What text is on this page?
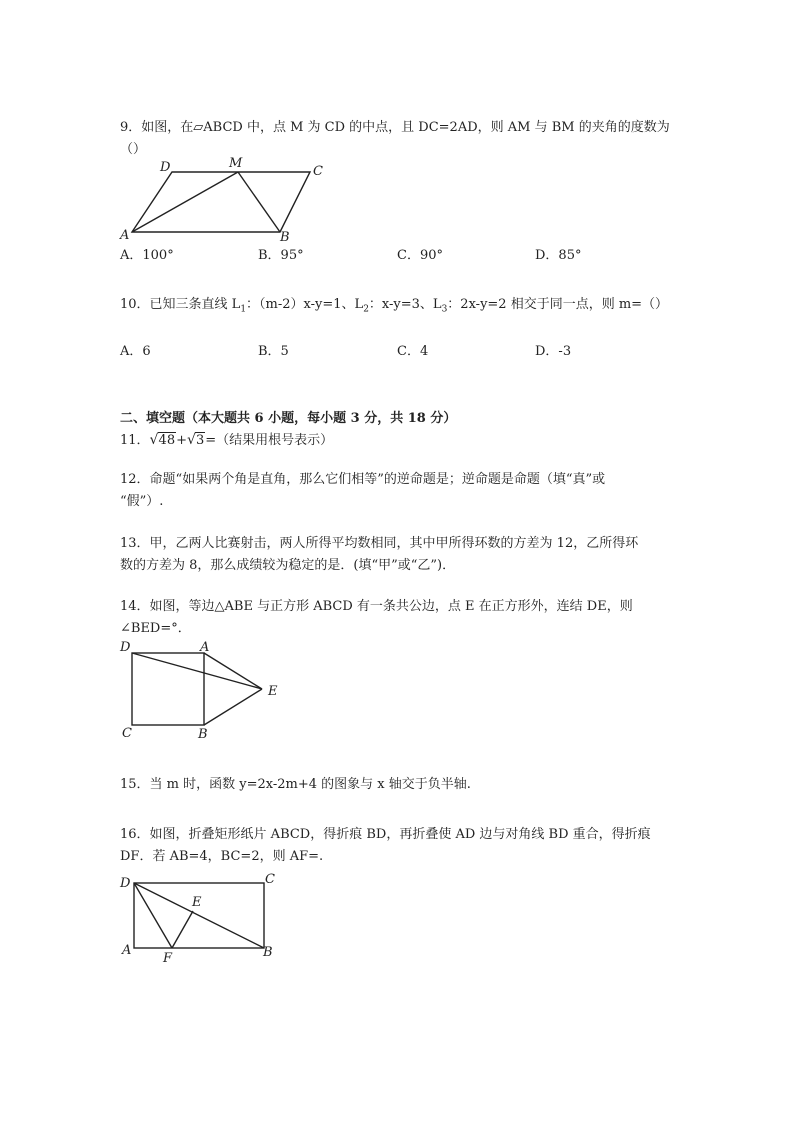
9．如图，在▱ABCD 中，点 M 为 CD 的中点，且 DC=2AD，则 AM 与 BM 的夹角的度数为
（）
D	M
C
A	B
A．100°	B．95°	C．90°	D．85°
10．已知三条直线 $L_1$：（m-2）x-y=1、$L_2$：x-y=3、$L_3$：2x-y=2 相交于同一点，则 m=（）
A．6	B．5	C．4	D．-3
二、填空题（本大题共 6 小题，每小题 3 分，共 18 分）
11． √ 48+ √ 3=（结果用根号表示）
12．命题“如果两个角是直角，那么它们相等”的逆命题是；逆命题是命题（填“真”或
“假”）.
13．甲，乙两人比赛射击，两人所得平均数相同，其中甲所得环数的方差为 12，乙所得环
数的方差为 8，那么成绩较为稳定的是．(填“甲”或“乙”)．
14．如图，等边△ABE 与正方形 ABCD 有一条共公边，点 E 在正方形外，连结 DE，则
∠BED=°．
D	A
E
C	B
15．当 m 时，函数 y=2x-2m+4 的图象与 x 轴交于负半轴.
16．如图，折叠矩形纸片 ABCD，得折痕 BD，再折叠使 AD 边与对角线 BD 重合，得折痕
DF．若 AB=4，BC=2，则 AF=.
D	C
E
A
F	B
